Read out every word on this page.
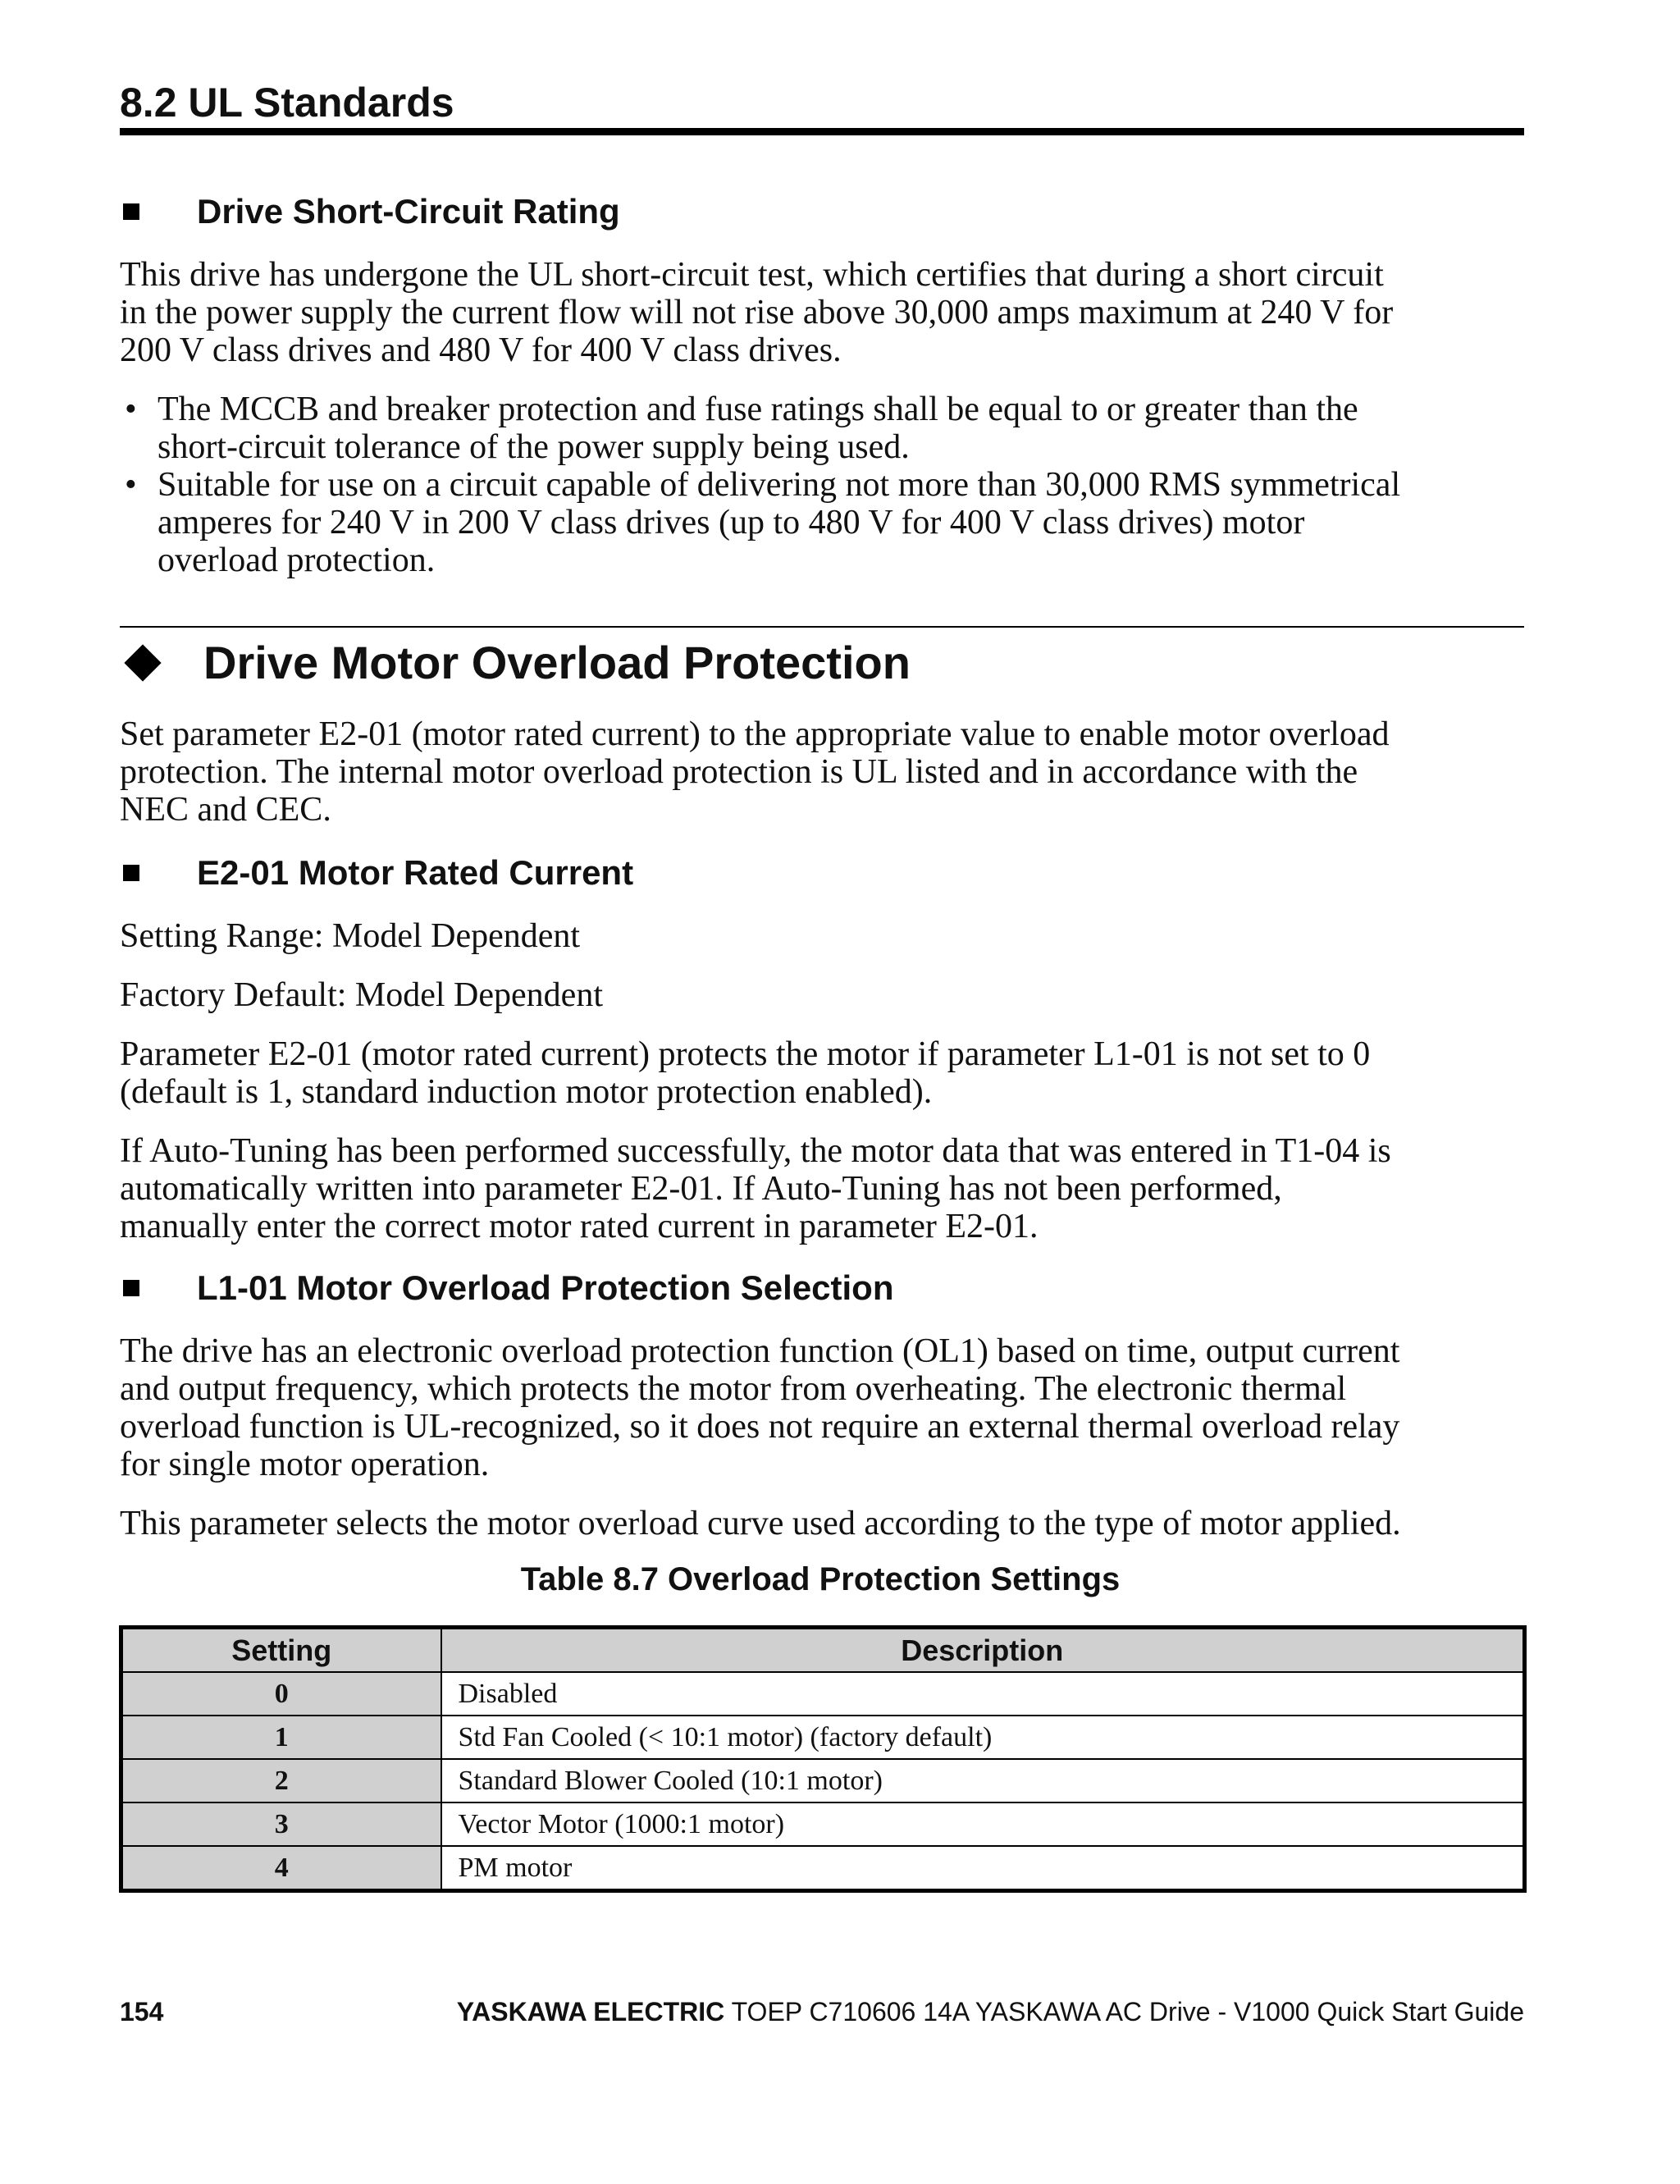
8.2 UL Standards
Drive Short-Circuit Rating
This drive has undergone the UL short-circuit test, which certifies that during a short circuit
in the power supply the current flow will not rise above 30,000 amps maximum at 240 V for
200 V class drives and 480 V for 400 V class drives.
• The MCCB and breaker protection and fuse ratings shall be equal to or greater than the
short-circuit tolerance of the power supply being used.
• Suitable for use on a circuit capable of delivering not more than 30,000 RMS symmetrical
amperes for 240 V in 200 V class drives (up to 480 V for 400 V class drives) motor
overload protection.
Drive Motor Overload Protection
Set parameter E2-01 (motor rated current) to the appropriate value to enable motor overload
protection. The internal motor overload protection is UL listed and in accordance with the
NEC and CEC.
E2-01 Motor Rated Current
Setting Range: Model Dependent
Factory Default: Model Dependent
Parameter E2-01 (motor rated current) protects the motor if parameter L1-01 is not set to 0
(default is 1, standard induction motor protection enabled).
If Auto-Tuning has been performed successfully, the motor data that was entered in T1-04 is
automatically written into parameter E2-01. If Auto-Tuning has not been performed,
manually enter the correct motor rated current in parameter E2-01.
L1-01 Motor Overload Protection Selection
The drive has an electronic overload protection function (OL1) based on time, output current
and output frequency, which protects the motor from overheating. The electronic thermal
overload function is UL-recognized, so it does not require an external thermal overload relay
for single motor operation.
This parameter selects the motor overload curve used according to the type of motor applied.
Table 8.7 Overload Protection Settings
Setting	Description
0	Disabled
1	Std Fan Cooled (< 10:1 motor) (factory default)
2	Standard Blower Cooled (10:1 motor)
3	Vector Motor (1000:1 motor)
4	PM motor
154	YASKAWA ELECTRIC TOEP C710606 14A YASKAWA AC Drive - V1000 Quick Start Guide
